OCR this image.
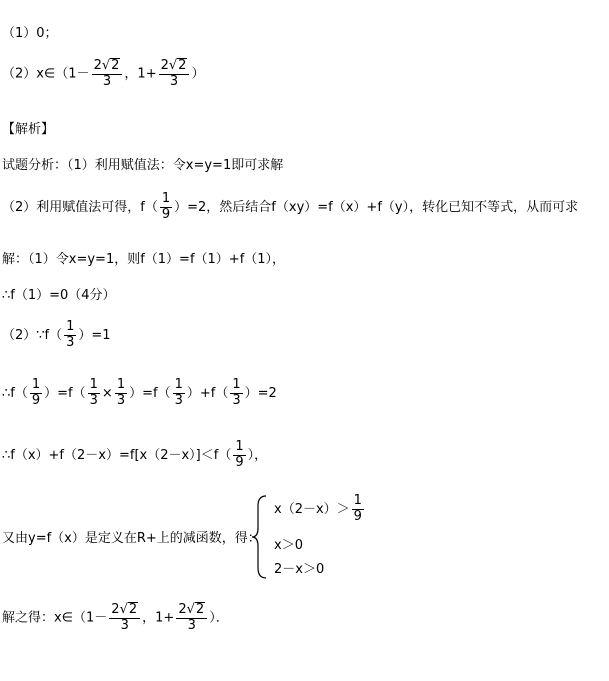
（1）0；
（2）x∈（1－ $\frac{2√2}{3}$ ，$1+ \frac{2√2}{3}$ ）
【解析】
试题分析：（1）利用赋值法：令x=y=1即可求解
（2）利用赋值法可得，$f( \frac{1}{9} )=2$，然后结合f（xy）=f（x）+f（y），转化已知不等式，从而可求
解：（1）令x=y=1，则f（1）=f（1）+f（1），
∴f（1）=0（4分）
（2）∵f（ $\frac{1}{3} )=1$
∴f（ $\frac{1}{9} )=f( \frac{1}{3} \times \frac{1}{3} )=f( \frac{1}{3} )+f( \frac{1}{3} )=2$
∴f（x）+f（2－x）=f[x（2－x）]＜f（ $\frac{1}{9}$ ），
又由y=f（x）是定义在R+上的减函数，得：
$x(2-x)> \frac{1}{9}$
x＞0
2－x＞0
解之得：x∈（1－ $\frac{2√2}{3}$ ，$1+ \frac{2√2}{3}$ ）．
